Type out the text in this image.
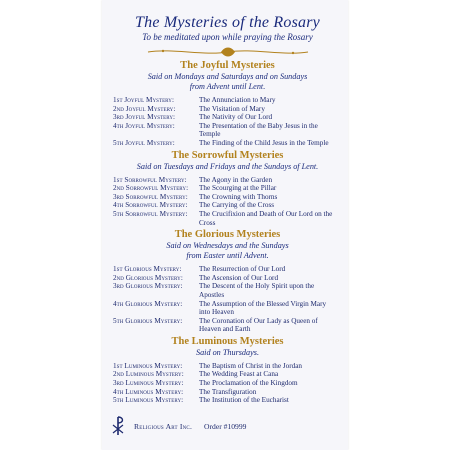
The Mysteries of the Rosary
To be meditated upon while praying the Rosary
The Joyful Mysteries
Said on Mondays and Saturdays and on Sundays
from Advent until Lent.
1st Joyful Mystery:	The Annunciation to Mary
2nd Joyful Mystery:	The Visitation of Mary
3rd Joyful Mystery:	The Nativity of Our Lord
4th Joyful Mystery:	The Presentation of the Baby Jesus in the Temple
5th Joyful Mystery:	The Finding of the Child Jesus in the Temple
The Sorrowful Mysteries
Said on Tuesdays and Fridays and the Sundays of Lent.
1st Sorrowful Mystery:	The Agony in the Garden
2nd Sorrowful Mystery:	The Scourging at the Pillar
3rd Sorrowful Mystery:	The Crowning with Thorns
4th Sorrowful Mystery:	The Carrying of the Cross
5th Sorrowful Mystery:	The Crucifixion and Death of Our Lord on the Cross
The Glorious Mysteries
Said on Wednesdays and the Sundays
from Easter until Advent.
1st Glorious Mystery:	The Resurrection of Our Lord
2nd Glorious Mystery:	The Ascension of Our Lord
3rd Glorious Mystery:	The Descent of the Holy Spirit upon the Apostles
4th Glorious Mystery:	The Assumption of the Blessed Virgin Mary into Heaven
5th Glorious Mystery:	The Coronation of Our Lady as Queen of Heaven and Earth
The Luminous Mysteries
Said on Thursdays.
1st Luminous Mystery:	The Baptism of Christ in the Jordan
2nd Luminous Mystery:	The Wedding Feast at Cana
3rd Luminous Mystery:	The Proclamation of the Kingdom
4th Luminous Mystery:	The Transfiguration
5th Luminous Mystery:	The Institution of the Eucharist
Religious Art Inc. Order #10999
